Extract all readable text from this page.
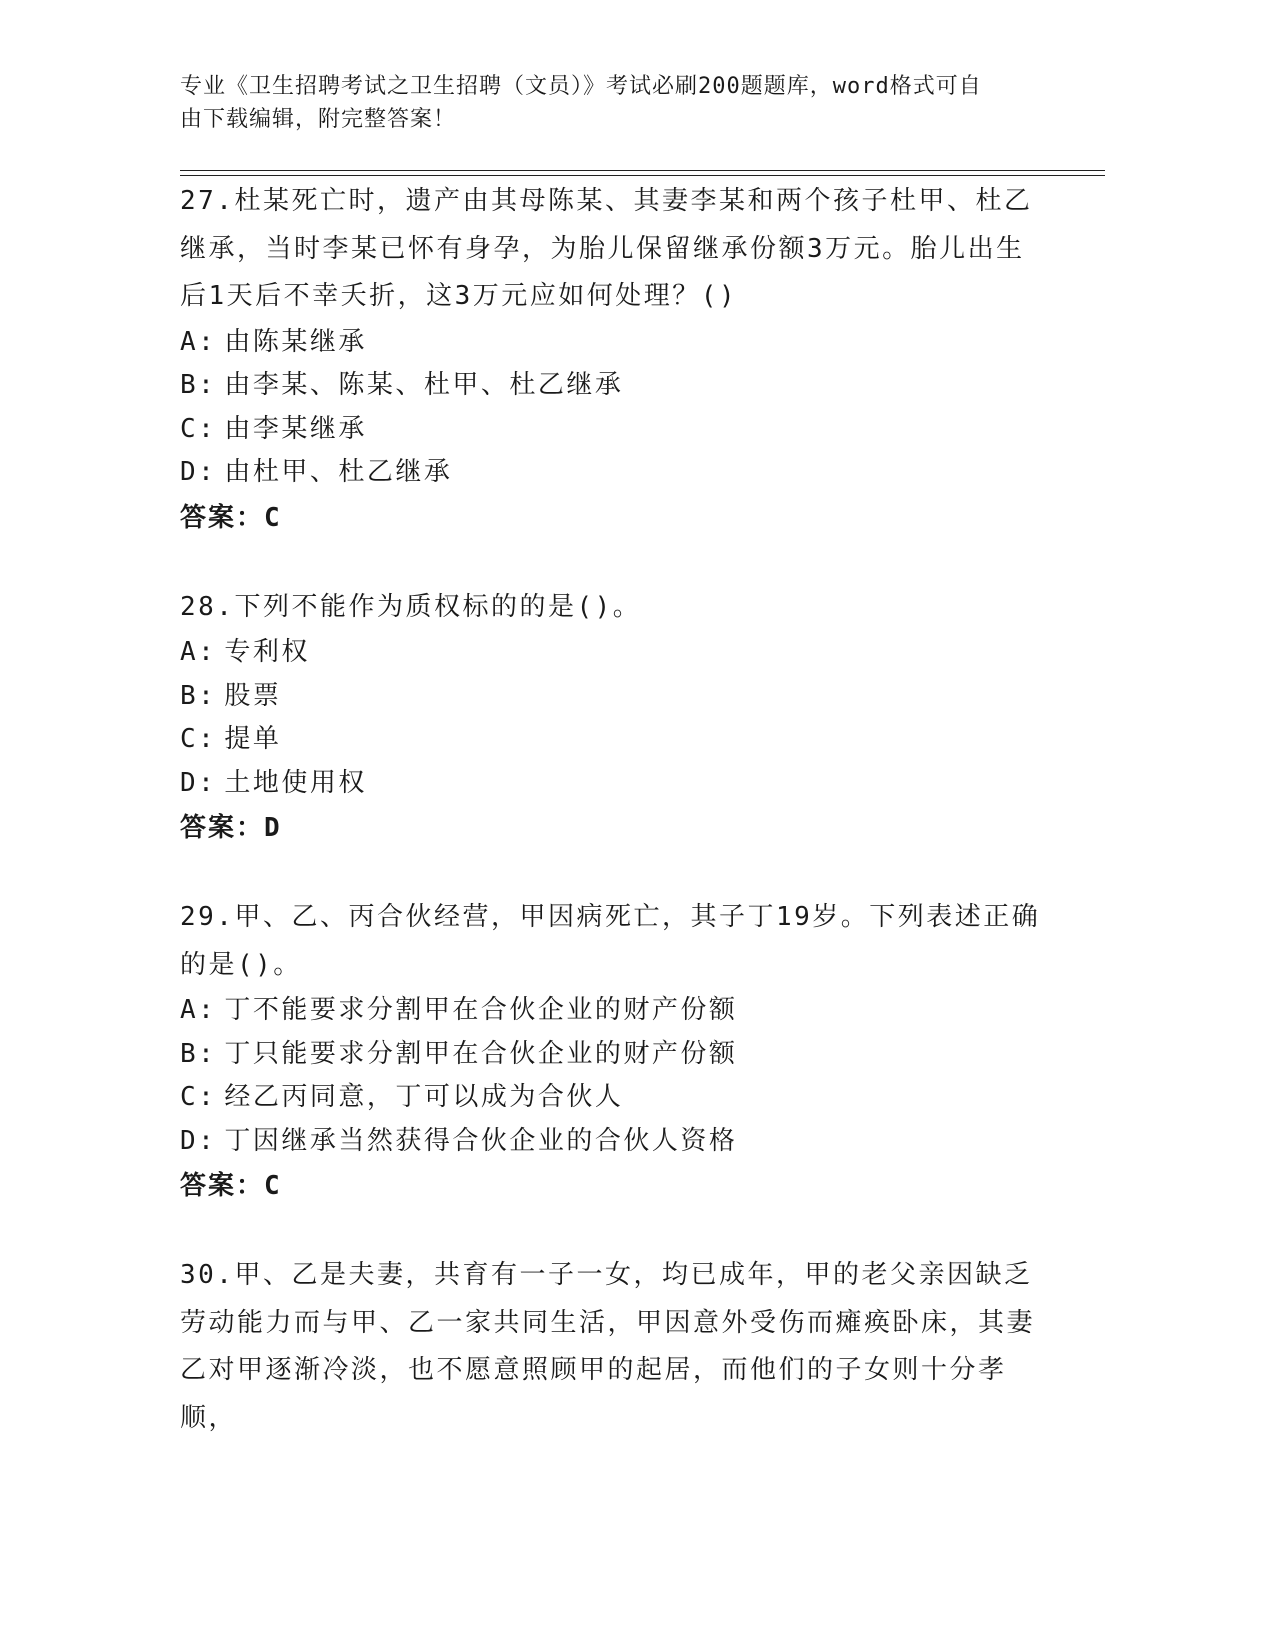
专业《卫生招聘考试之卫生招聘（文员）》考试必刷200题题库，word格式可自
由下载编辑，附完整答案！

27.杜某死亡时，遗产由其母陈某、其妻李某和两个孩子杜甲、杜乙继承，当时李某已怀有身孕，为胎儿保留继承份额3万元。胎儿出生后1天后不幸夭折，这3万元应如何处理？()

A: 由陈某继承

B: 由李某、陈某、杜甲、杜乙继承

C: 由李某继承

D: 由杜甲、杜乙继承

答案：C

28.下列不能作为质权标的的是()。

A: 专利权

B: 股票

C: 提单

D: 土地使用权

答案：D

29.甲、乙、丙合伙经营，甲因病死亡，其子丁19岁。下列表述正确的是()。

A: 丁不能要求分割甲在合伙企业的财产份额

B: 丁只能要求分割甲在合伙企业的财产份额

C: 经乙丙同意，丁可以成为合伙人

D: 丁因继承当然获得合伙企业的合伙人资格

答案：C

30.甲、乙是夫妻，共育有一子一女，均已成年，甲的老父亲因缺乏劳动能力而与甲、乙一家共同生活，甲因意外受伤而瘫痪卧床，其妻乙对甲逐渐冷淡，也不愿意照顾甲的起居，而他们的子女则十分孝顺，
